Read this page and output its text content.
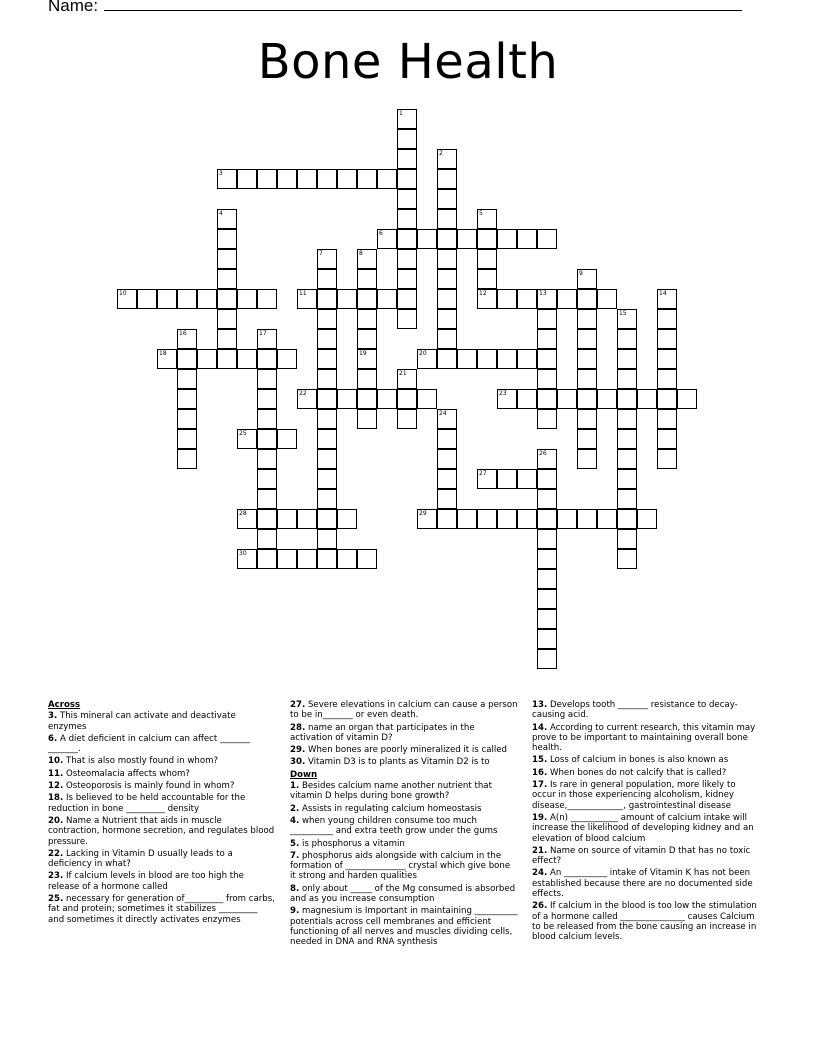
Name:
Bone Health
1
2
3
4	5
12
6
7	8
9
10	11	13	14
15
16	17
18	19	20
21
22	23
24
25
26
27
28	29
30
Across
3. This mineral can activate and deactivate enzymes
6. A diet deficient in calcium can affect _______ _______.
10. That is also mostly found in whom?
11. Osteomalacia affects whom?
12. Osteoporosis is mainly found in whom?
18. Is believed to be held accountable for the reduction in bone _________ density
20. Name a Nutrient that aids in muscle contraction, hormone secretion, and regulates blood pressure.
22. Lacking in Vitamin D usually leads to a deficiency in what?
23. If calcium levels in blood are too high the release of a hormone called
25. necessary for generation of_________ from carbs, fat and protein; sometimes it stabilizes _________ and sometimes it directly activates enzymes
27. Severe elevations in calcium can cause a person to be in_______ or even death.
28. name an organ that participates in the activation of vitamin D?
29. When bones are poorly mineralized it is called
30. Vitamin D3 is to plants as Vitamin D2 is to
Down
1. Besides calcium name another nutrient that vitamin D helps during bone growth?
2. Assists in regulating calcium homeostasis
4. when young children consume too much __________ and extra teeth grow under the gums
5. is phosphorus a vitamin
7. phosphorus aids alongside with calcium in the formation of ______________ crystal which give bone it strong and harden qualities
8. only about _____ of the Mg consumed is absorbed and as you increase consumption
9. magnesium is Important in maintaining __________ potentials across cell membranes and efficient functioning of all nerves and muscles dividing cells, needed in DNA and RNA synthesis
13. Develops tooth _______ resistance to decay-causing acid.
14. According to current research, this vitamin may prove to be important to maintaining overall bone health.
15. Loss of calcium in bones is also known as
16. When bones do not calcify that is called?
17. Is rare in general population, more likely to occur in those experiencing alcoholism, kidney disease,_____________, gastrointestinal disease
19. A(n) ___________ amount of calcium intake will increase the likelihood of developing kidney and an elevation of blood calcium
21. Name on source of vitamin D that has no toxic effect?
24. An __________ intake of Vitamin K has not been established because there are no documented side effects.
26. If calcium in the blood is too low the stimulation of a hormone called _______________ causes Calcium to be released from the bone causing an increase in blood calcium levels.
